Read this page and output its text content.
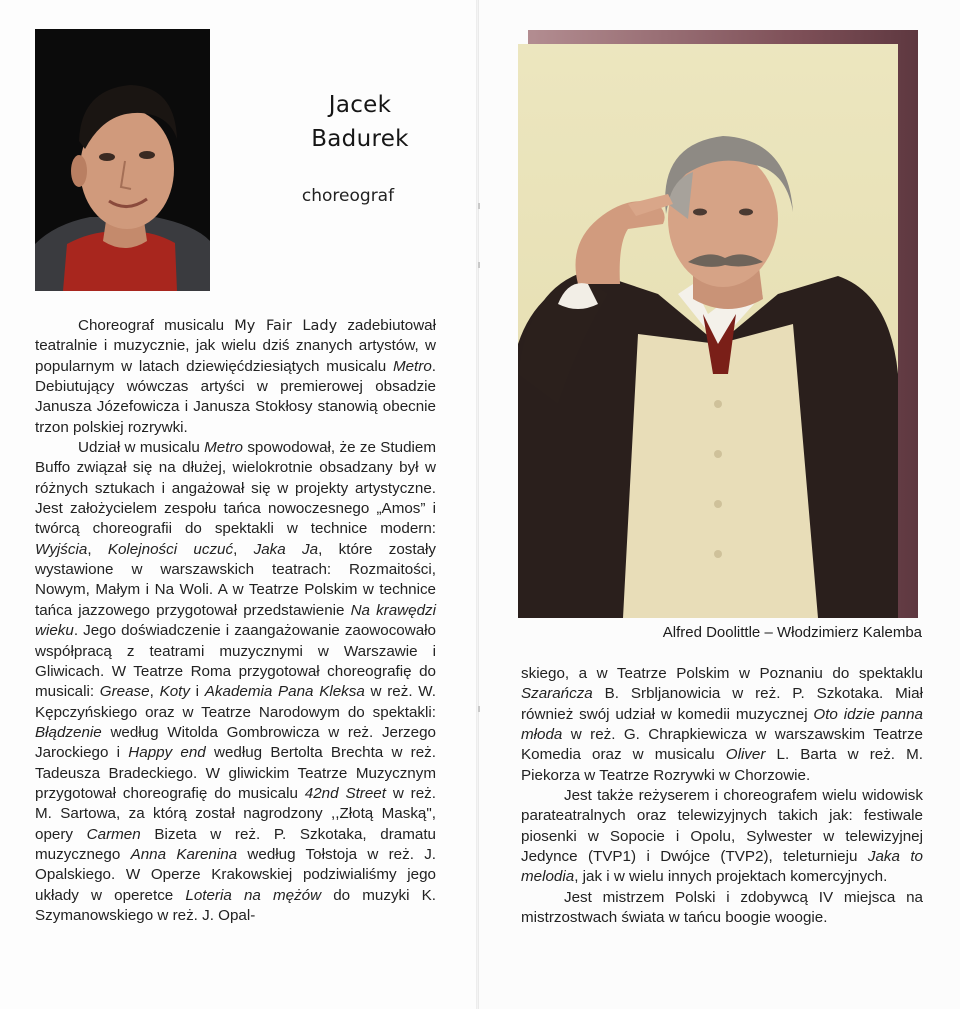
Jacek
Badurek
choreograf

Choreograf musicalu My Fair Lady zadebiutował teatralnie i muzycznie, jak wielu dziś znanych artystów, w popularnym w latach dziewięćdziesiątych musicalu Metro. Debiutujący wówczas artyści w premierowej obsadzie Janusza Józefowicza i Janusza Stokłosy stanowią obecnie trzon polskiej rozrywki.

Udział w musicalu Metro spowodował, że ze Studiem Buffo związał się na dłużej, wielokrotnie obsadzany był w różnych sztukach i angażował się w projekty artystyczne. Jest założycielem zespołu tańca nowoczesnego „Amos” i twórcą choreografii do spektakli w technice modern: Wyjścia, Kolejności uczuć, Jaka Ja, które zostały wystawione w warszawskich teatrach: Rozmaitości, Nowym, Małym i Na Woli. A w Teatrze Polskim w technice tańca jazzowego przygotował przedstawienie Na krawędzi wieku. Jego doświadczenie i zaangażowanie zaowocowało współpracą z teatrami muzycznymi w Warszawie i Gliwicach. W Teatrze Roma przygotował choreografię do musicali: Grease, Koty i Akademia Pana Kleksa w reż. W. Kępczyńskiego oraz w Teatrze Narodowym do spektakli: Błądzenie według Witolda Gombrowicza w reż. Jerzego Jarockiego i Happy end według Bertolta Brechta w reż. Tadeusza Bradeckiego. W gliwickim Teatrze Muzycznym przygotował choreografię do musicalu 42nd Street w reż. M. Sartowa, za którą został nagrodzony ,,Złotą Maską", opery Carmen Bizeta w reż. P. Szkotaka, dramatu muzycznego Anna Karenina według Tołstoja w reż. J. Opalskiego. W Operze Krakowskiej podziwialiśmy jego układy w operetce Loteria na mężów do muzyki K. Szymanowskiego w reż. J. Opal-

Alfred Doolittle – Włodzimierz Kalemba

skiego, a w Teatrze Polskim w Poznaniu do spektaklu Szarańcza B. Srbljanowicia w reż. P. Szkotaka. Miał również swój udział w komedii muzycznej Oto idzie panna młoda w reż. G. Chrapkiewicza w warszawskim Teatrze Komedia oraz w musicalu Oliver L. Barta w reż. M. Piekorza w Teatrze Rozrywki w Chorzowie.

Jest także reżyserem i choreografem wielu widowisk parateatralnych oraz telewizyjnych takich jak: festiwale piosenki w Sopocie i Opolu, Sylwester w telewizyjnej Jedynce (TVP1) i Dwójce (TVP2), teleturnieju Jaka to melodia, jak i w wielu innych projektach komercyjnych.

Jest mistrzem Polski i zdobywcą IV miejsca na mistrzostwach świata w tańcu boogie woogie.
